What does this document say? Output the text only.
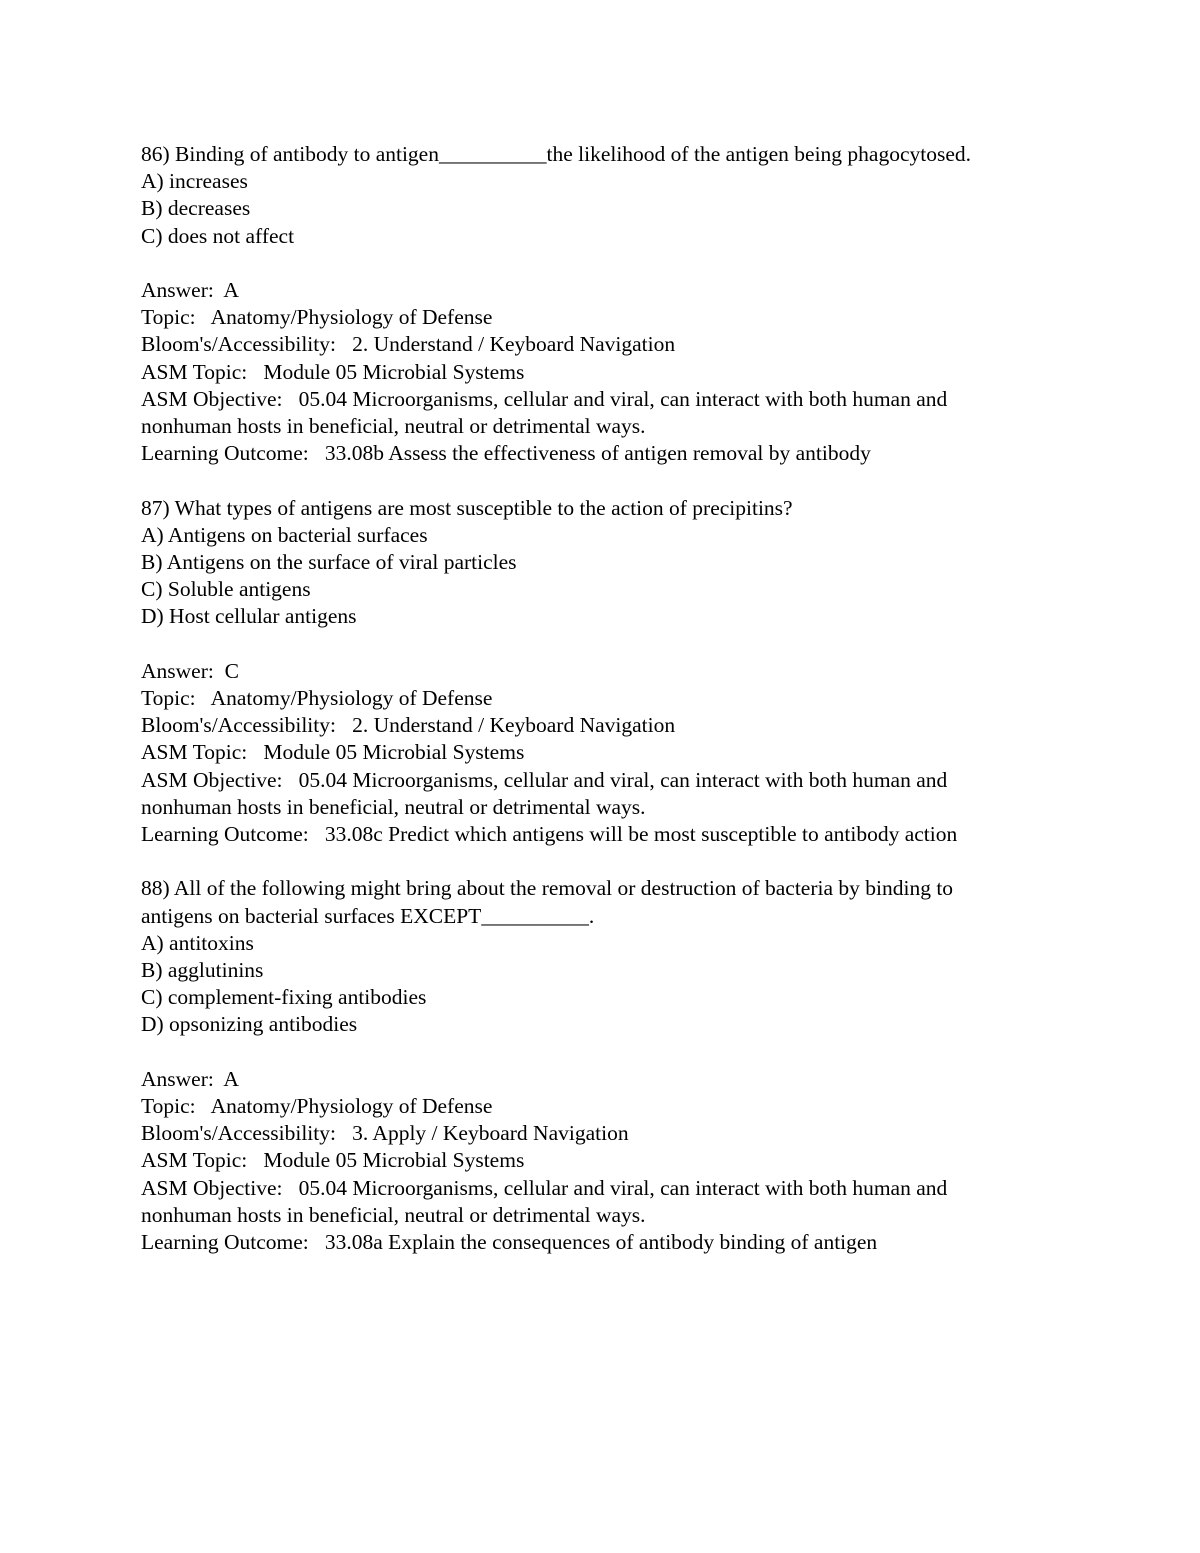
86) Binding of antibody to antigen__________the likelihood of the antigen being phagocytosed.
A) increases
B) decreases
C) does not affect
Answer:  A
Topic:   Anatomy/Physiology of Defense
Bloom's/Accessibility:   2. Understand / Keyboard Navigation
ASM Topic:   Module 05 Microbial Systems
ASM Objective:   05.04 Microorganisms, cellular and viral, can interact with both human and
nonhuman hosts in beneficial, neutral or detrimental ways.
Learning Outcome:   33.08b Assess the effectiveness of antigen removal by antibody
87) What types of antigens are most susceptible to the action of precipitins?
A) Antigens on bacterial surfaces
B) Antigens on the surface of viral particles
C) Soluble antigens
D) Host cellular antigens
Answer:  C
Topic:   Anatomy/Physiology of Defense
Bloom's/Accessibility:   2. Understand / Keyboard Navigation
ASM Topic:   Module 05 Microbial Systems
ASM Objective:   05.04 Microorganisms, cellular and viral, can interact with both human and
nonhuman hosts in beneficial, neutral or detrimental ways.
Learning Outcome:   33.08c Predict which antigens will be most susceptible to antibody action
88) All of the following might bring about the removal or destruction of bacteria by binding to
antigens on bacterial surfaces EXCEPT__________.
A) antitoxins
B) agglutinins
C) complement-fixing antibodies
D) opsonizing antibodies
Answer:  A
Topic:   Anatomy/Physiology of Defense
Bloom's/Accessibility:   3. Apply / Keyboard Navigation
ASM Topic:   Module 05 Microbial Systems
ASM Objective:   05.04 Microorganisms, cellular and viral, can interact with both human and
nonhuman hosts in beneficial, neutral or detrimental ways.
Learning Outcome:   33.08a Explain the consequences of antibody binding of antigen
